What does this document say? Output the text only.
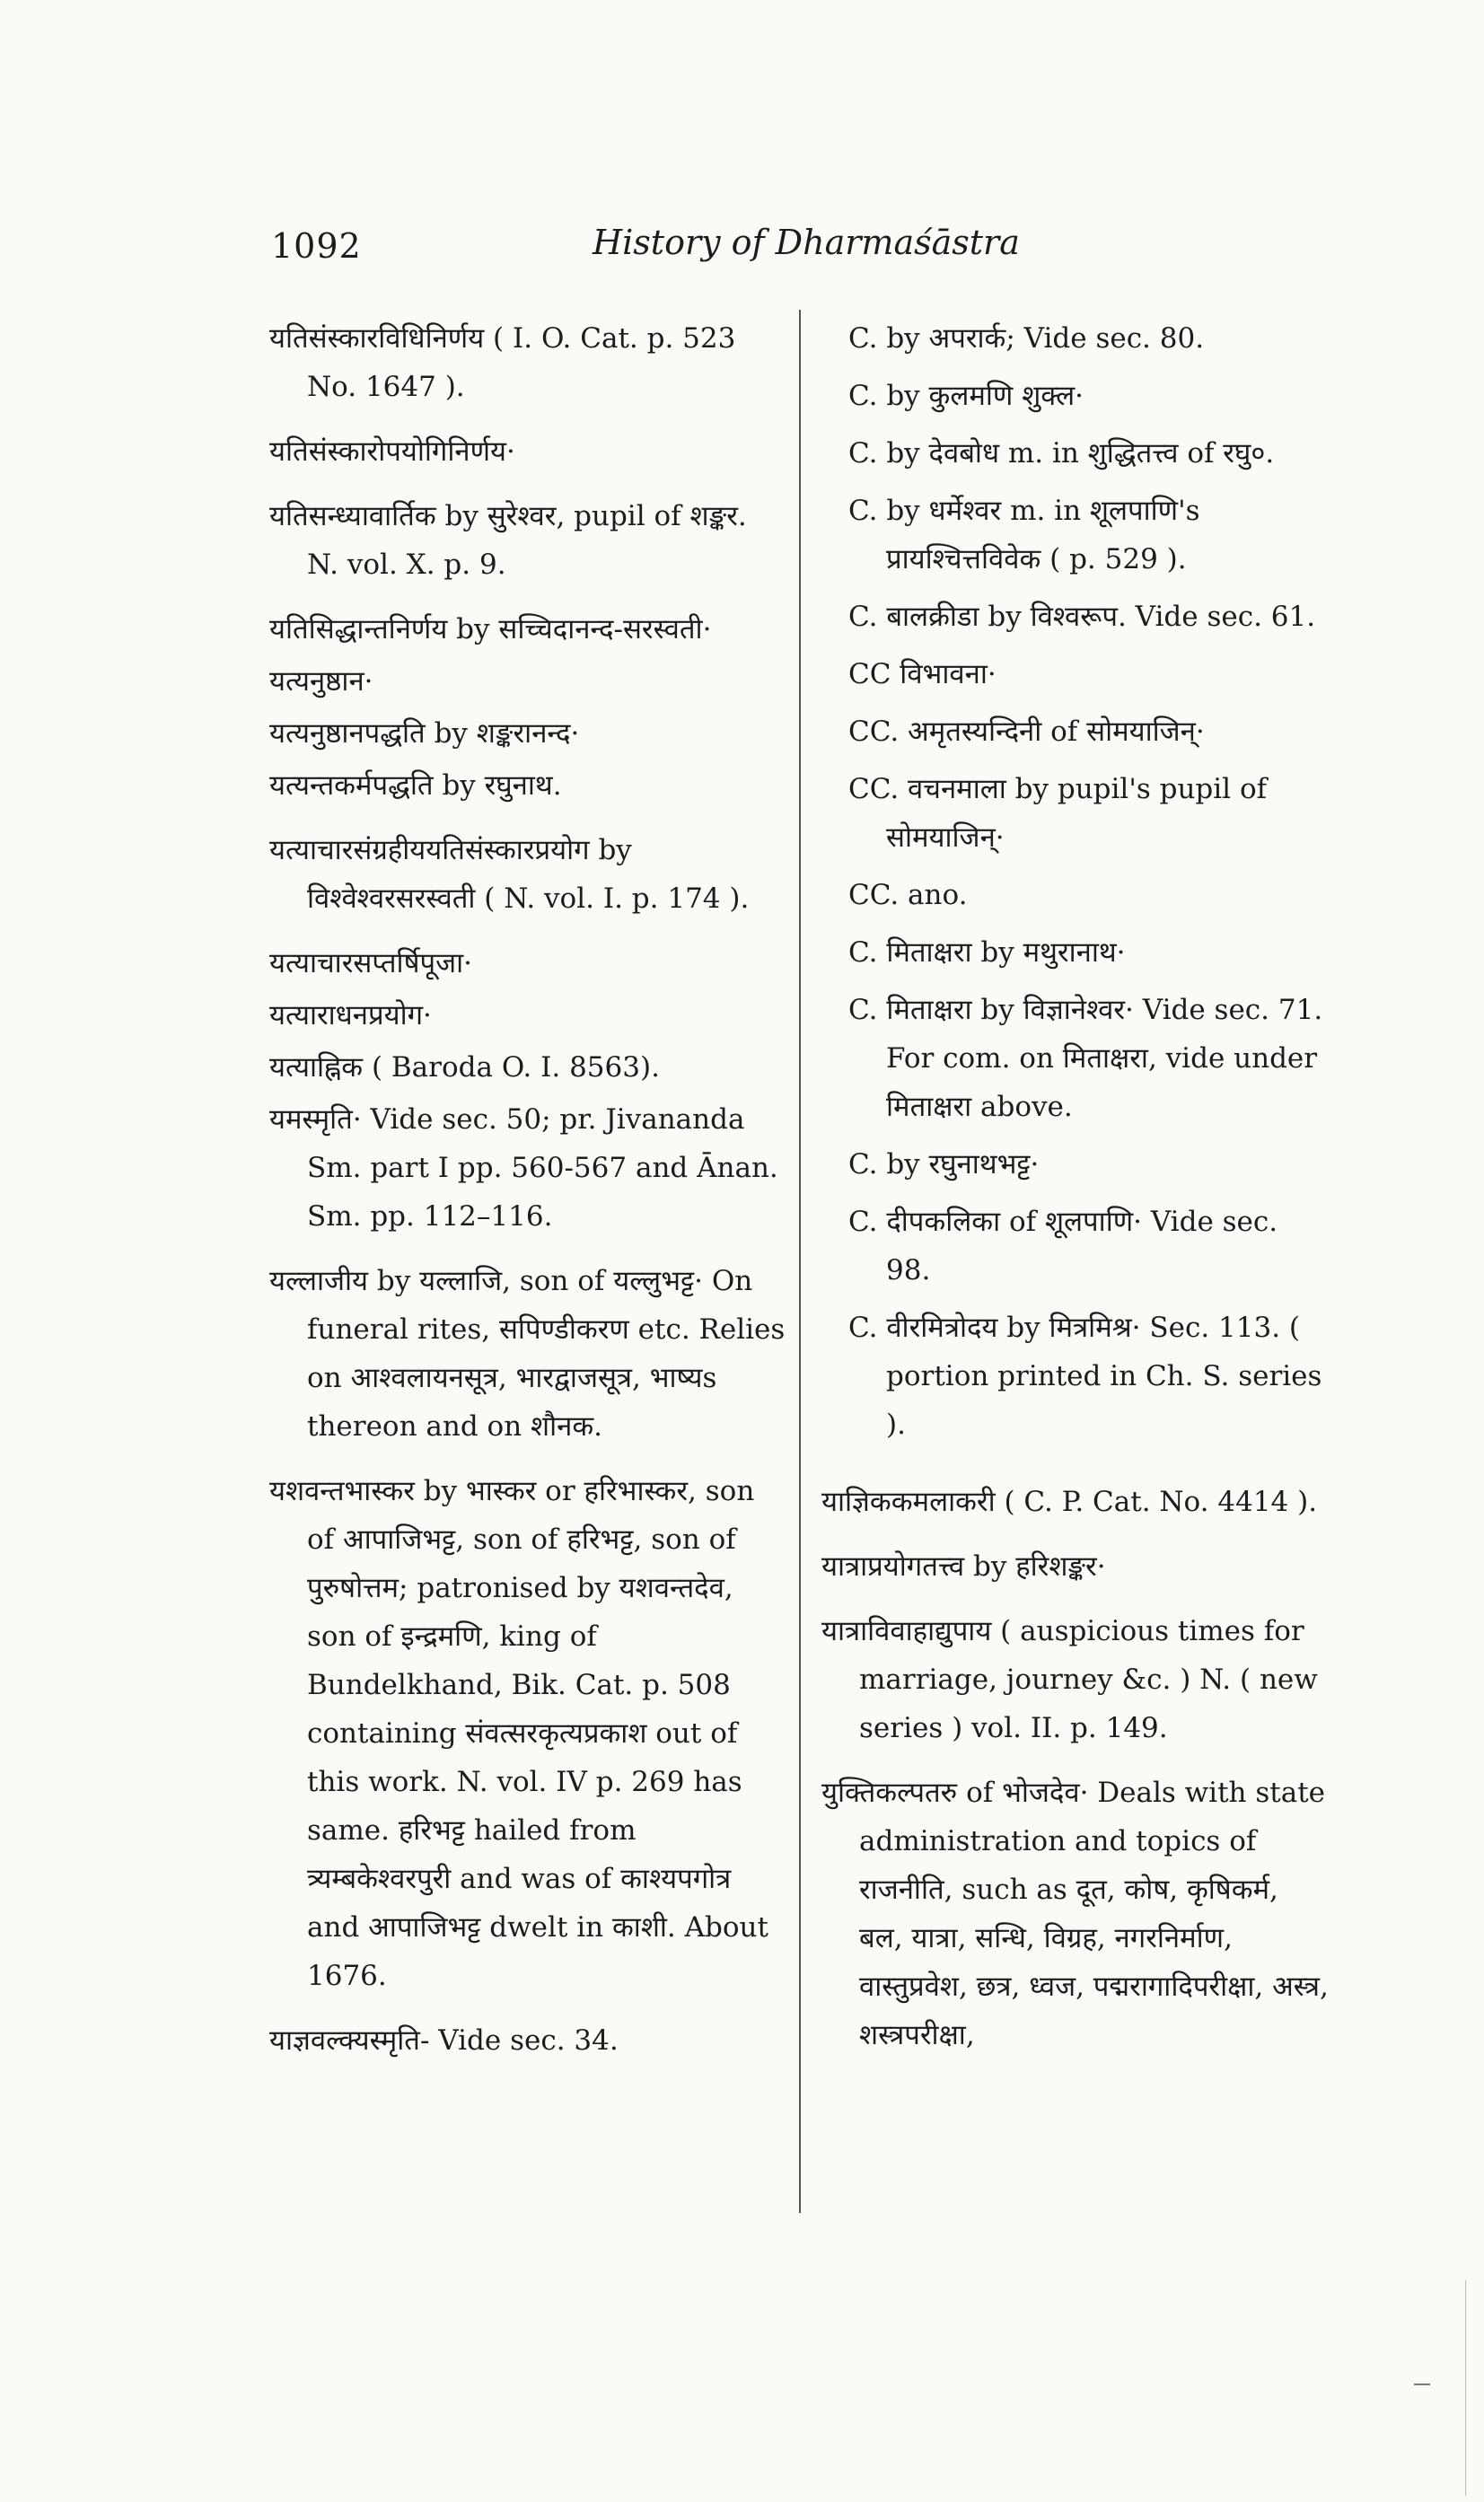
1092	History of Dharmaśāstra

यतिसंस्कारविधिनिर्णय ( I. O. Cat. p. 523 No. 1647 ).

यतिसंस्कारोपयोगिनिर्णय·

यतिसन्ध्यावार्तिक by सुरेश्वर, pupil of शङ्कर. N. vol. X. p. 9.

यतिसिद्धान्तनिर्णय by सच्चिदानन्द-सरस्वती·

यत्यनुष्ठान·

यत्यनुष्ठानपद्धति by शङ्करानन्द·

यत्यन्तकर्मपद्धति by रघुनाथ.

यत्याचारसंग्रहीययतिसंस्कारप्रयोग by विश्वेश्वरसरस्वती ( N. vol. I. p. 174 ).

यत्याचारसप्तर्षिपूजा·

यत्याराधनप्रयोग·

यत्याह्निक ( Baroda O. I. 8563).

यमस्मृति· Vide sec. 50; pr. Jivananda Sm. part I pp. 560-567 and Ānan. Sm. pp. 112–116.

यल्लाजीय by यल्लाजि, son of यल्लुभट्ट· On funeral rites, सपिण्डीकरण etc. Relies on आश्वलायनसूत्र, भारद्वाजसूत्र, भाष्यs thereon and on शौनक.

यशवन्तभास्कर by भास्कर or हरिभास्कर, son of आपाजिभट्ट, son of हरिभट्ट, son of पुरुषोत्तम; patronised by यशवन्तदेव, son of इन्द्रमणि, king of Bundelkhand, Bik. Cat. p. 508 containing संवत्सरकृत्यप्रकाश out of this work. N. vol. IV p. 269 has same. हरिभट्ट hailed from त्र्यम्बकेश्वरपुरी and was of काश्यपगोत्र and आपाजिभट्ट dwelt in काशी. About 1676.

याज्ञवल्क्यस्मृति- Vide sec. 34.

C. by अपरार्क; Vide sec. 80.

C. by कुलमणि शुक्ल·

C. by देवबोध m. in शुद्धितत्त्व of रघु०.

C. by धर्मेश्वर m. in शूलपाणि's प्रायश्चित्तविवेक ( p. 529 ).

C. बालक्रीडा by विश्वरूप. Vide sec. 61.

CC विभावना·

CC. अमृतस्यन्दिनी of सोमयाजिन्·

CC. वचनमाला by pupil's pupil of सोमयाजिन्·

CC. ano.

C. मिताक्षरा by मथुरानाथ·

C. मिताक्षरा by विज्ञानेश्वर· Vide sec. 71. For com. on मिताक्षरा, vide under मिताक्षरा above.

C. by रघुनाथभट्ट·

C. दीपकलिका of शूलपाणि· Vide sec. 98.

C. वीरमित्रोदय by मित्रमिश्र· Sec. 113. ( portion printed in Ch. S. series ).

याज्ञिककमलाकरी ( C. P. Cat. No. 4414 ).

यात्राप्रयोगतत्त्व by हरिशङ्कर·

यात्राविवाहाद्युपाय ( auspicious times for marriage, journey &c. ) N. ( new series ) vol. II. p. 149.

युक्तिकल्पतरु of भोजदेव· Deals with state administration and topics of राजनीति, such as दूत, कोष, कृषिकर्म, बल, यात्रा, सन्धि, विग्रह, नगरनिर्माण, वास्तुप्रवेश, छत्र, ध्वज, पद्मरागादिपरीक्षा, अस्त्र, शस्त्रपरीक्षा,
